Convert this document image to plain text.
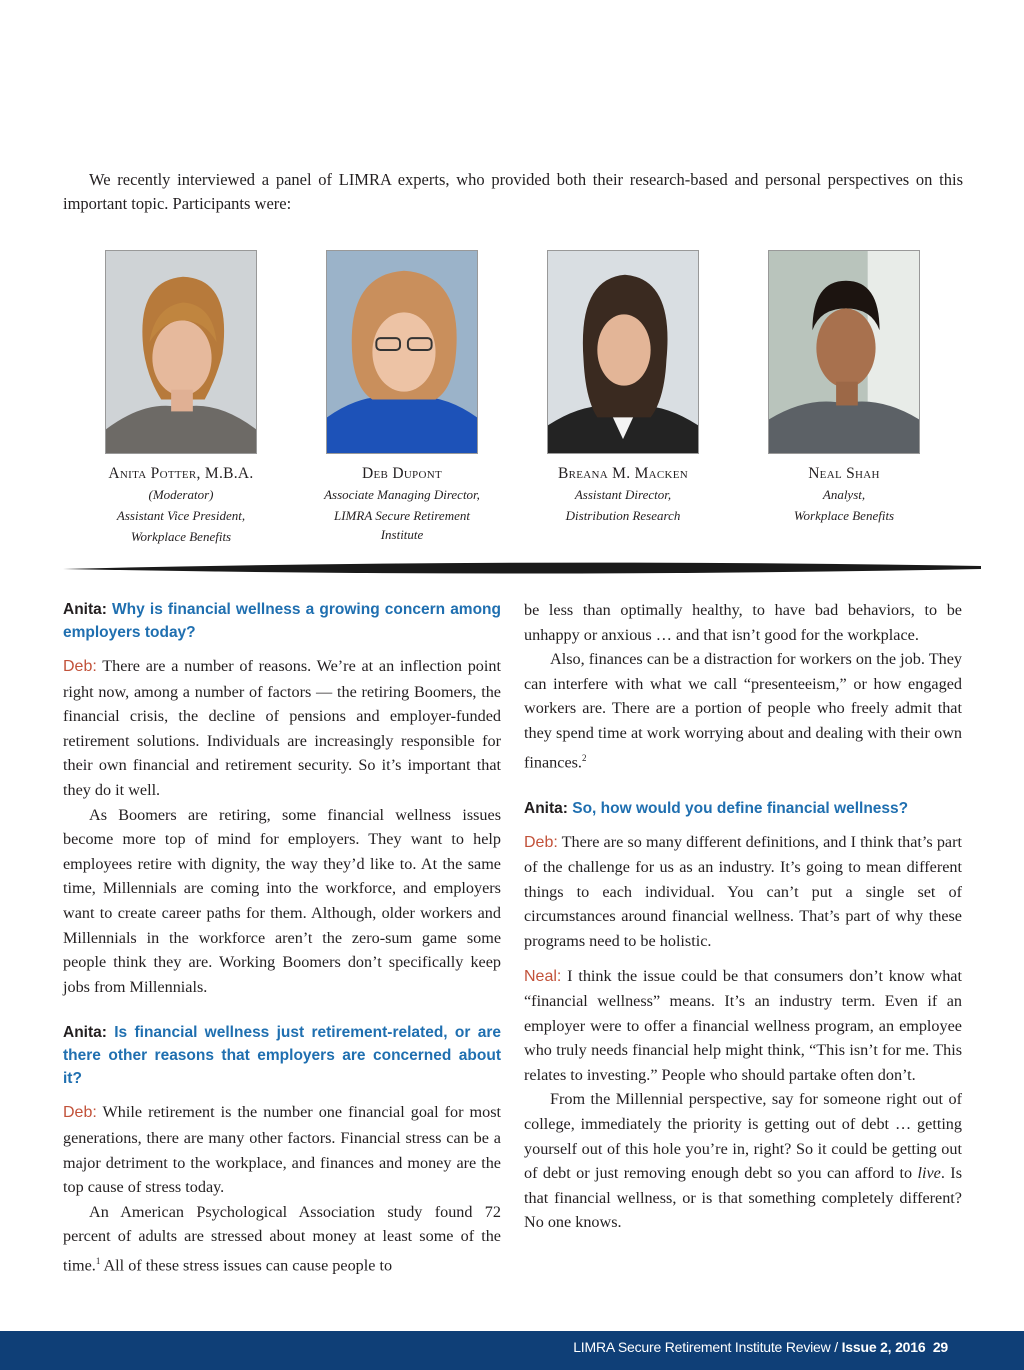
We recently interviewed a panel of LIMRA experts, who provided both their research-based and personal perspectives on this important topic. Participants were:

Anita Potter, M.B.A.
(Moderator)
Assistant Vice President,
Workplace Benefits
Deb Dupont
Associate Managing Director,
LIMRA Secure Retirement
Institute
Breana M. Macken
Assistant Director,
Distribution Research
Neal Shah
Analyst,
Workplace Benefits

Anita: Why is financial wellness a growing concern among employers today?

Deb: There are a number of reasons. We’re at an inflection point right now, among a number of factors — the retiring Boomers, the financial crisis, the decline of pensions and employer-funded retirement solutions. Individuals are increasingly responsible for their own financial and retirement security. So it’s important that they do it well.

As Boomers are retiring, some financial wellness issues become more top of mind for employers. They want to help employees retire with dignity, the way they’d like to. At the same time, Millennials are coming into the workforce, and employers want to create career paths for them. Although, older workers and Millennials in the workforce aren’t the zero-sum game some people think they are. Working Boomers don’t specifically keep jobs from Millennials.

Anita: Is financial wellness just retirement-related, or are there other reasons that employers are concerned about it?

Deb: While retirement is the number one financial goal for most generations, there are many other factors. Financial stress can be a major detriment to the workplace, and finances and money are the top cause of stress today.

An American Psychological Association study found 72 percent of adults are stressed about money at least some of the time.$^1$ All of these stress issues can cause people to

be less than optimally healthy, to have bad behaviors, to be unhappy or anxious … and that isn’t good for the workplace.

Also, finances can be a distraction for workers on the job. They can interfere with what we call “presenteeism,” or how engaged workers are. There are a portion of people who freely admit that they spend time at work worrying about and dealing with their own finances.$^2$

Anita: So, how would you define financial wellness?

Deb: There are so many different definitions, and I think that’s part of the challenge for us as an industry. It’s going to mean different things to each individual. You can’t put a single set of circumstances around financial wellness. That’s part of why these programs need to be holistic.

Neal: I think the issue could be that consumers don’t know what “financial wellness” means. It’s an industry term. Even if an employer were to offer a financial wellness program, an employee who truly needs financial help might think, “This isn’t for me. This relates to investing.” People who should partake often don’t.

From the Millennial perspective, say for someone right out of college, immediately the priority is getting out of debt … getting yourself out of this hole you’re in, right? So it could be getting out of debt or just removing enough debt so you can afford to live. Is that financial wellness, or is that something completely different? No one knows.

LIMRA Secure Retirement Institute Review / Issue 2, 2016 29
